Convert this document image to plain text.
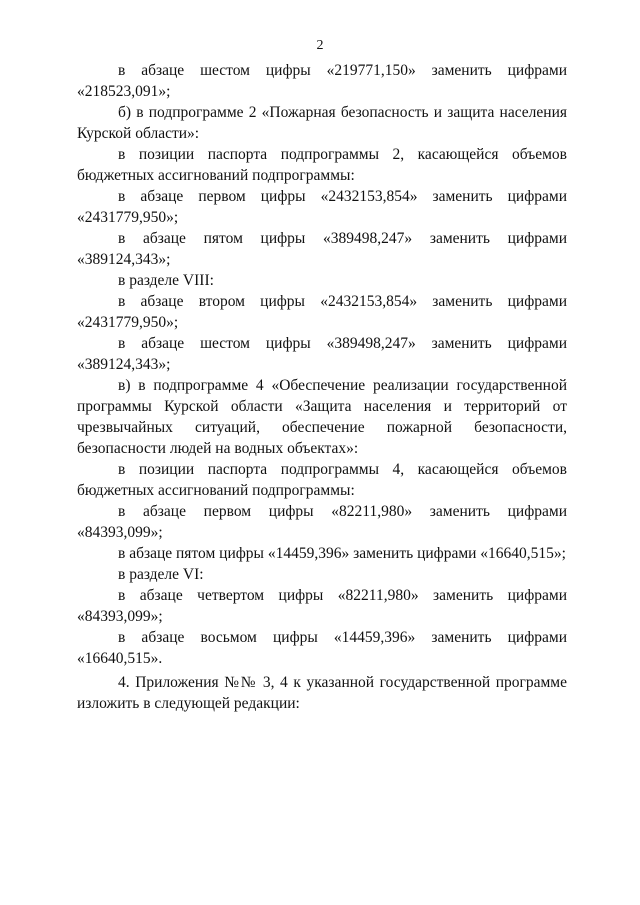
2

в абзаце шестом цифры «219771,150» заменить цифрами «218523,091»;

б) в подпрограмме 2 «Пожарная безопасность и защита населения Курской области»:

в позиции паспорта подпрограммы 2, касающейся объемов бюджетных ассигнований подпрограммы:

в абзаце первом цифры «2432153,854» заменить цифрами «2431779,950»;

в абзаце пятом цифры «389498,247» заменить цифрами «389124,343»;

в разделе VIII:

в абзаце втором цифры «2432153,854» заменить цифрами «2431779,950»;

в абзаце шестом цифры «389498,247» заменить цифрами «389124,343»;

в) в подпрограмме 4 «Обеспечение реализации государственной программы Курской области «Защита населения и территорий от чрезвычайных ситуаций, обеспечение пожарной безопасности, безопасности людей на водных объектах»:

в позиции паспорта подпрограммы 4, касающейся объемов бюджетных ассигнований подпрограммы:

в абзаце первом цифры «82211,980» заменить цифрами «84393,099»;

в абзаце пятом цифры «14459,396» заменить цифрами «16640,515»;

в разделе VI:

в абзаце четвертом цифры «82211,980» заменить цифрами «84393,099»;

в абзаце восьмом цифры «14459,396» заменить цифрами «16640,515».

4. Приложения №№ 3, 4 к указанной государственной программе изложить в следующей редакции:
